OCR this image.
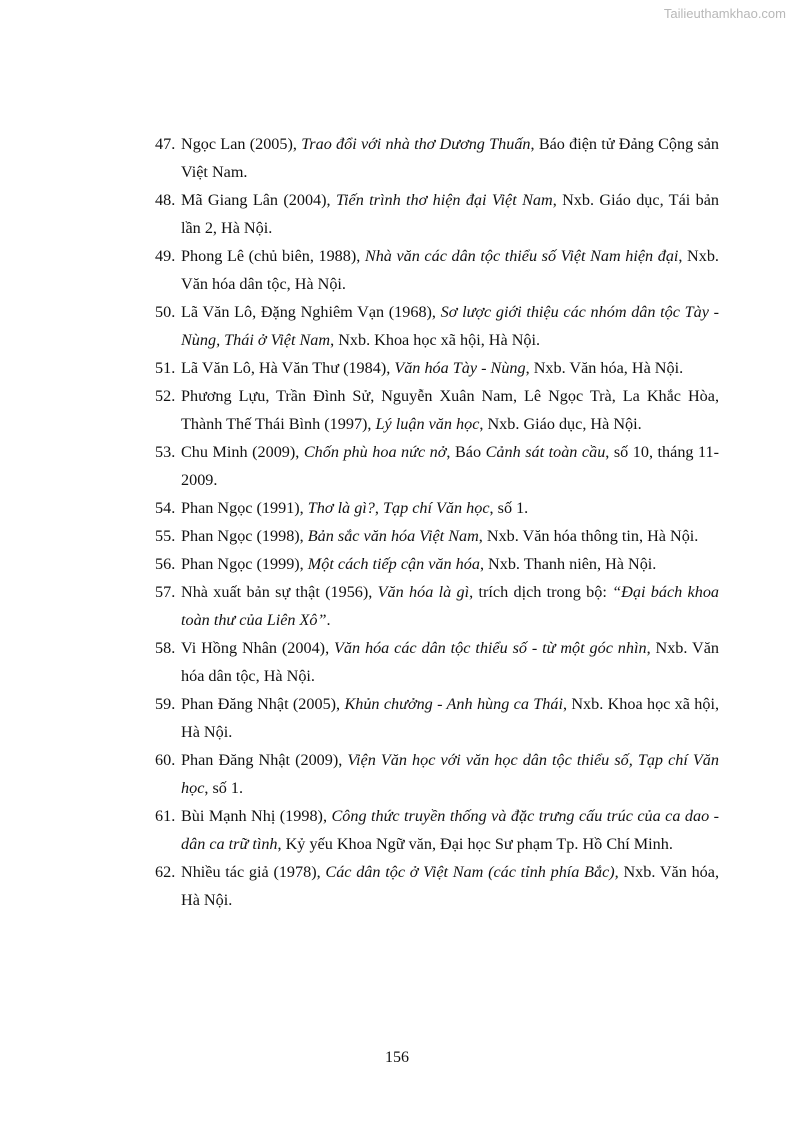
Tailieuthamkhao.com
47. Ngọc Lan (2005), Trao đổi với nhà thơ Dương Thuấn, Báo điện tử Đảng Cộng sản Việt Nam.
48. Mã Giang Lân (2004), Tiến trình thơ hiện đại Việt Nam, Nxb. Giáo dục, Tái bản lần 2, Hà Nội.
49. Phong Lê (chủ biên, 1988), Nhà văn các dân tộc thiểu số Việt Nam hiện đại, Nxb. Văn hóa dân tộc, Hà Nội.
50. Lã Văn Lô, Đặng Nghiêm Vạn (1968), Sơ lược giới thiệu các nhóm dân tộc Tày - Nùng, Thái ở Việt Nam, Nxb. Khoa học xã hội, Hà Nội.
51. Lã Văn Lô, Hà Văn Thư (1984), Văn hóa Tày - Nùng, Nxb. Văn hóa, Hà Nội.
52. Phương Lựu, Trần Đình Sử, Nguyễn Xuân Nam, Lê Ngọc Trà, La Khắc Hòa, Thành Thế Thái Bình (1997), Lý luận văn học, Nxb. Giáo dục, Hà Nội.
53. Chu Minh (2009), Chốn phù hoa nức nở, Báo Cảnh sát toàn cầu, số 10, tháng 11-2009.
54. Phan Ngọc (1991), Thơ là gì?, Tạp chí Văn học, số 1.
55. Phan Ngọc (1998), Bản sắc văn hóa Việt Nam, Nxb. Văn hóa thông tin, Hà Nội.
56. Phan Ngọc (1999), Một cách tiếp cận văn hóa, Nxb. Thanh niên, Hà Nội.
57. Nhà xuất bản sự thật (1956), Văn hóa là gì, trích dịch trong bộ: “Đại bách khoa toàn thư của Liên Xô”.
58. Vi Hồng Nhân (2004), Văn hóa các dân tộc thiểu số - từ một góc nhìn, Nxb. Văn hóa dân tộc, Hà Nội.
59. Phan Đăng Nhật (2005), Khủn chưởng - Anh hùng ca Thái, Nxb. Khoa học xã hội, Hà Nội.
60. Phan Đăng Nhật (2009), Viện Văn học với văn học dân tộc thiểu số, Tạp chí Văn học, số 1.
61. Bùi Mạnh Nhị (1998), Công thức truyền thống và đặc trưng cấu trúc của ca dao - dân ca trữ tình, Kỷ yếu Khoa Ngữ văn, Đại học Sư phạm Tp. Hồ Chí Minh.
62. Nhiều tác giả (1978), Các dân tộc ở Việt Nam (các tỉnh phía Bắc), Nxb. Văn hóa, Hà Nội.
156
